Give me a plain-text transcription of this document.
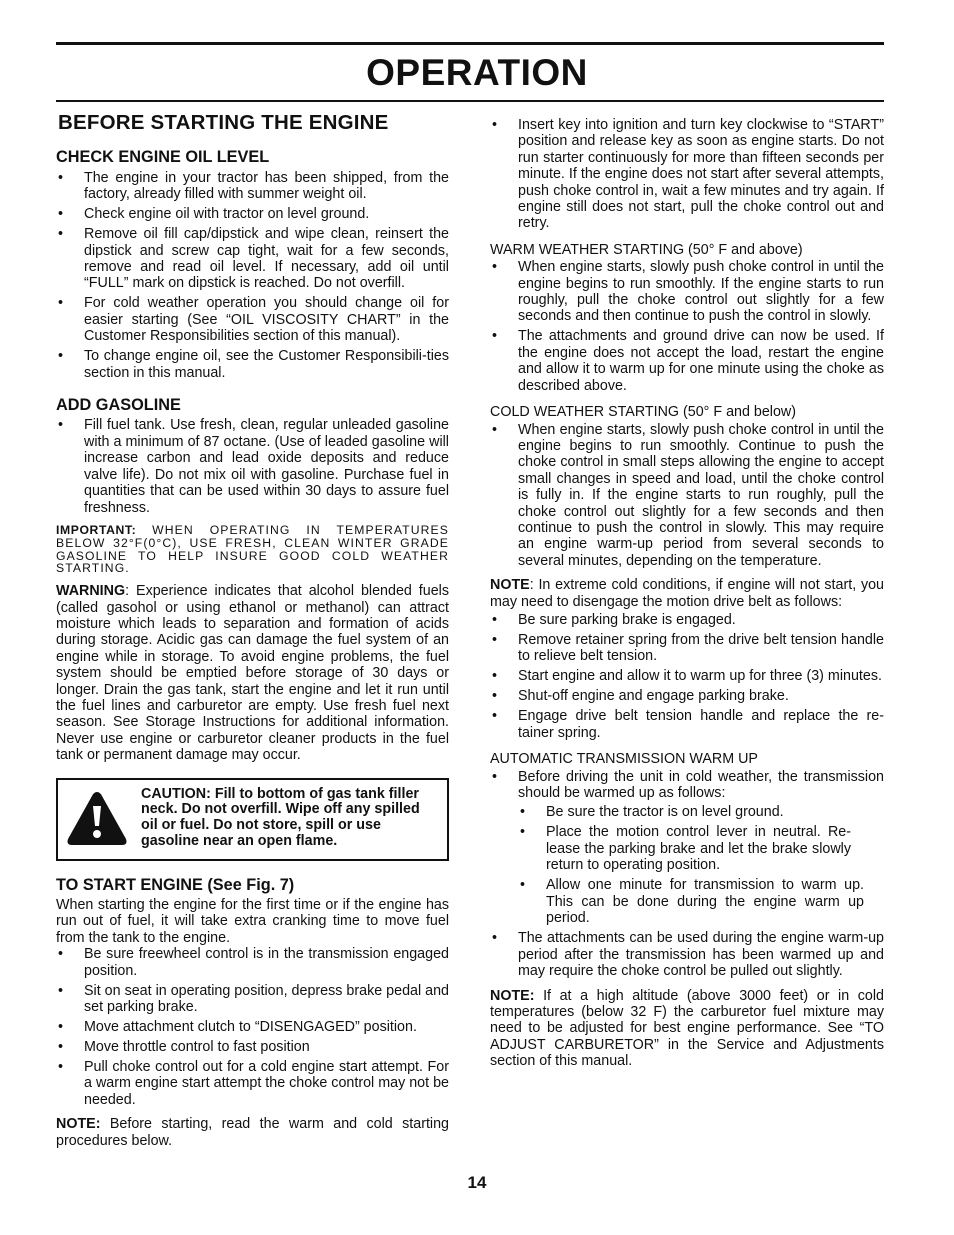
OPERATION
BEFORE STARTING THE ENGINE
CHECK ENGINE OIL LEVEL
• The engine in your tractor has been shipped, from the factory, already filled with summer weight oil.
• Check engine oil with tractor on level ground.
• Remove oil fill cap/dipstick and wipe clean, reinsert the dipstick and screw cap tight, wait for a few seconds, remove and read oil level. If necessary, add oil until “FULL” mark on dipstick is reached. Do not overfill.
• For cold weather operation you should change oil for easier starting (See “OIL VISCOSITY CHART” in the Customer Responsibilities section of this manual).
• To change engine oil, see the Customer Responsibili-ties section in this manual.
ADD GASOLINE
• Fill fuel tank. Use fresh, clean, regular unleaded gasoline with a minimum of 87 octane. (Use of leaded gasoline will increase carbon and lead oxide deposits and reduce valve life). Do not mix oil with gasoline. Purchase fuel in quantities that can be used within 30 days to assure fuel freshness.

IMPORTANT: WHEN OPERATING IN TEMPERATURES BELOW 32°F(0°C), USE FRESH, CLEAN WINTER GRADE GASOLINE TO HELP INSURE GOOD COLD WEATHER STARTING.

WARNING: Experience indicates that alcohol blended fuels (called gasohol or using ethanol or methanol) can attract moisture which leads to separation and formation of acids during storage. Acidic gas can damage the fuel system of an engine while in storage. To avoid engine problems, the fuel system should be emptied before storage of 30 days or longer. Drain the gas tank, start the engine and let it run until the fuel lines and carburetor are empty. Use fresh fuel next season. See Storage Instructions for additional information. Never use engine or carburetor cleaner products in the fuel tank or permanent damage may occur.

CAUTION: Fill to bottom of gas tank filler neck. Do not overfill. Wipe off any spilled oil or fuel. Do not store, spill or use gasoline near an open flame.
TO START ENGINE (See Fig. 7)

When starting the engine for the first time or if the engine has run out of fuel, it will take extra cranking time to move fuel from the tank to the engine.

• Be sure freewheel control is in the transmission engaged position.
• Sit on seat in operating position, depress brake pedal and set parking brake.
• Move attachment clutch to “DISENGAGED” position.
• Move throttle control to fast position
• Pull choke control out for a cold engine start attempt. For a warm engine start attempt the choke control may not be needed.

NOTE: Before starting, read the warm and cold starting procedures below.

• Insert key into ignition and turn key clockwise to “START” position and release key as soon as engine starts. Do not run starter continuously for more than fifteen seconds per minute. If the engine does not start after several attempts, push choke control in, wait a few minutes and try again. If engine still does not start, pull the choke control out and retry.
WARM WEATHER STARTING (50° F and above)
• When engine starts, slowly push choke control in until the engine begins to run smoothly. If the engine starts to run roughly, pull the choke control out slightly for a few seconds and then continue to push the control in slowly.
• The attachments and ground drive can now be used. If the engine does not accept the load, restart the engine and allow it to warm up for one minute using the choke as described above.
COLD WEATHER STARTING (50° F and below)
• When engine starts, slowly push choke control in until the engine begins to run smoothly. Continue to push the choke control in small steps allowing the engine to accept small changes in speed and load, until the choke control is fully in. If the engine starts to run roughly, pull the choke control out slightly for a few seconds and then continue to push the control in slowly. This may require an engine warm-up period from several seconds to several minutes, depending on the temperature.

NOTE: In extreme cold conditions, if engine will not start, you may need to disengage the motion drive belt as follows:

• Be sure parking brake is engaged.
• Remove retainer spring from the drive belt tension handle to relieve belt tension.
• Start engine and allow it to warm up for three (3) minutes.
• Shut-off engine and engage parking brake.
• Engage drive belt tension handle and replace the re-tainer spring.
AUTOMATIC TRANSMISSION WARM UP
• Before driving the unit in cold weather, the transmission should be warmed up as follows:
• Be sure the tractor is on level ground.
• Place the motion control lever in neutral. Re-lease the parking brake and let the brake slowly return to operating position.
• Allow one minute for transmission to warm up. This can be done during the engine warm up period.
• The attachments can be used during the engine warm-up period after the transmission has been warmed up and may require the choke control be pulled out slightly.

NOTE: If at a high altitude (above 3000 feet) or in cold temperatures (below 32 F) the carburetor fuel mixture may need to be adjusted for best engine performance. See “TO ADJUST CARBURETOR” in the Service and Adjustments section of this manual.

14
